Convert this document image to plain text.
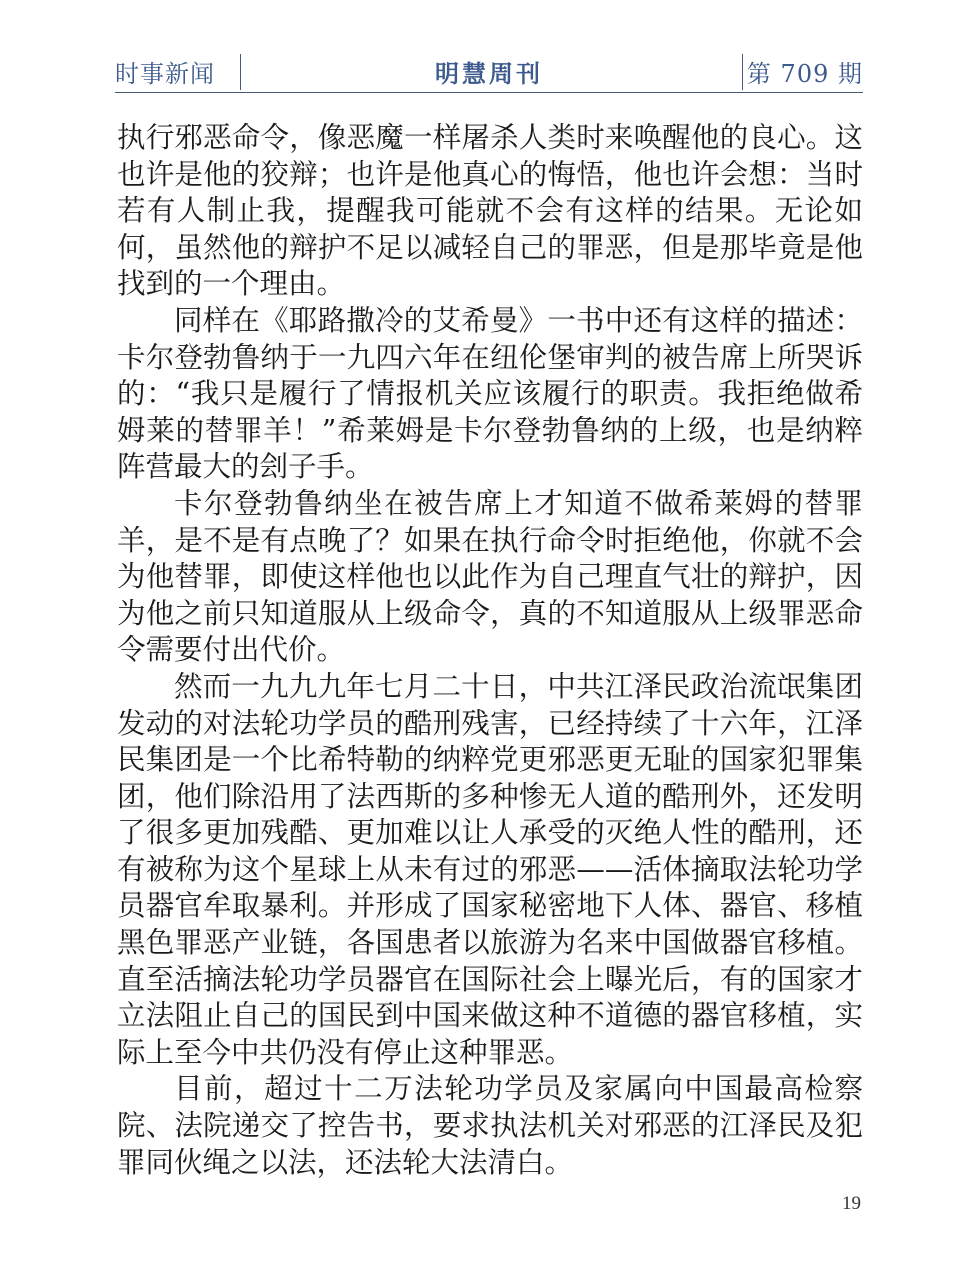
时事新闻	明慧周刊	第 709 期

执行邪恶命令，像恶魔一样屠杀人类时来唤醒他的良心。这也许是他的狡辩；也许是他真心的悔悟，他也许会想：当时若有人制止我，提醒我可能就不会有这样的结果。无论如何，虽然他的辩护不足以减轻自己的罪恶，但是那毕竟是他找到的一个理由。

同样在《耶路撒冷的艾希曼》一书中还有这样的描述：卡尔登勃鲁纳于一九四六年在纽伦堡审判的被告席上所哭诉的：“我只是履行了情报机关应该履行的职责。我拒绝做希姆莱的替罪羊！”希莱姆是卡尔登勃鲁纳的上级，也是纳粹阵营最大的刽子手。

卡尔登勃鲁纳坐在被告席上才知道不做希莱姆的替罪羊，是不是有点晚了？如果在执行命令时拒绝他，你就不会为他替罪，即使这样他也以此作为自己理直气壮的辩护，因为他之前只知道服从上级命令，真的不知道服从上级罪恶命令需要付出代价。

然而一九九九年七月二十日，中共江泽民政治流氓集团发动的对法轮功学员的酷刑残害，已经持续了十六年，江泽民集团是一个比希特勒的纳粹党更邪恶更无耻的国家犯罪集团，他们除沿用了法西斯的多种惨无人道的酷刑外，还发明了很多更加残酷、更加难以让人承受的灭绝人性的酷刑，还有被称为这个星球上从未有过的邪恶——活体摘取法轮功学员器官牟取暴利。并形成了国家秘密地下人体、器官、移植黑色罪恶产业链，各国患者以旅游为名来中国做器官移植。直至活摘法轮功学员器官在国际社会上曝光后，有的国家才立法阻止自己的国民到中国来做这种不道德的器官移植，实际上至今中共仍没有停止这种罪恶。

目前，超过十二万法轮功学员及家属向中国最高检察院、法院递交了控告书，要求执法机关对邪恶的江泽民及犯罪同伙绳之以法，还法轮大法清白。

19
